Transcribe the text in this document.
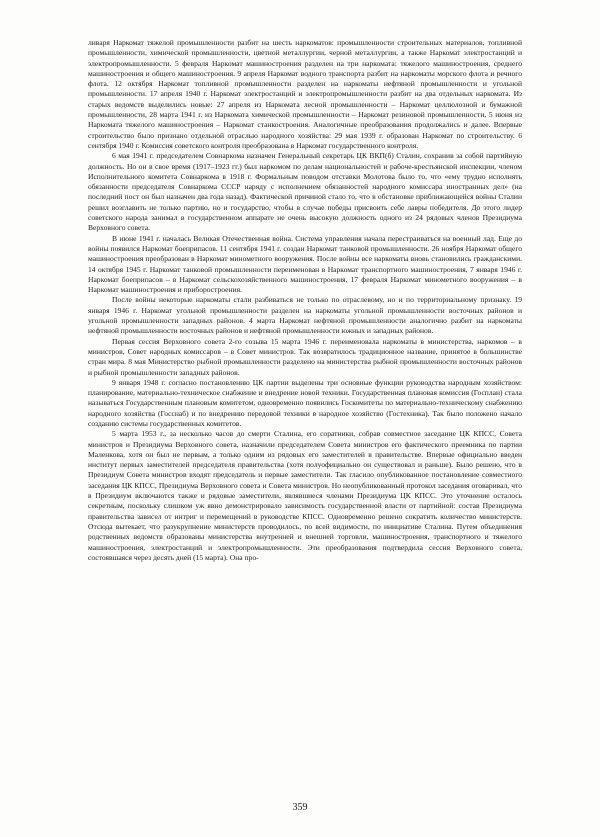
ливаря Наркомат тяжелой промышленности разбит на шесть наркоматов: промышленности строительных материалов, топливной промышленности, химической промышленности, цветной металлургии, черной металлургии, а также Наркомат электростанций и электропромышленности. 5 февраля Наркомат машиностроения разделен на три наркомата: тяжелого машиностроения, среднего машиностроения и общего машиностроения. 9 апреля Наркомат водного транспорта разбит на наркоматы морского флота и речного флота. 12 октября Наркомат топливной промышленности разделен на наркоматы нефтяной промышленности и угольной промышленности. 17 апреля 1940 г. Наркомат электростанций и электропромышленности разбит на два отдельных наркомата. Из старых ведомств выделились новые: 27 апреля из Наркомата лесной промышленности – Наркомат целлюлозной и бумажной промышленности, 28 марта 1941 г. из Наркомата химической промышленности – Наркомат резиновой промышленности, 5 июня из Наркомата тяжелого машиностроения – Наркомат станкостроения. Аналогичные преобразования продолжались и далее. Впервые строительство было признано отдельной отраслью народного хозяйства: 29 мая 1939 г. образован Наркомат по строительству. 6 сентября 1940 г. Комиссия советского контроля преобразована в Наркомат государственного контроля.

6 мая 1941 г. председателем Совнаркома назначен Генеральный секретарь ЦК ВКП(б) Сталин, сохранив за собой партийную должность. Но он в свое время (1917–1923 гг.) был наркомом по делам национальностей и рабоче-крестьянской инспекции, членом Исполнительного комитета Совнаркома в 1918 г. Формальным поводом отставки Молотова было то, что «ему трудно исполнять обязанности председателя Совнаркома СССР наряду с исполнением обязанностей народного комиссара иностранных дел» (на последний пост он был назначен два года назад). Фактической причиной стало то, что в обстановке приближающейся войны Сталин решил возглавить не только партию, но и государство, чтобы в случае победы присвоить себе лавры победителя. До этого лидер советского народа занимал в государственном аппарате не очень высокую должность одного из 24 рядовых членов Президиума Верховного совета.

В июне 1941 г. началась Великая Отечественная война. Система управления начала перестраиваться на военный лад. Еще до войны появился Наркомат боеприпасов. 11 сентября 1941 г. создан Наркомат танковой промышленности. 26 ноября Наркомат общего машиностроения преобразован в Наркомат минометного вооружения. После войны все наркоматы вновь становились гражданскими. 14 октября 1945 г. Наркомат танковой промышленности переименован в Наркомат транспортного машиностроения, 7 января 1946 г. Наркомат боеприпасов – в Наркомат сельскохозяйственного машиностроения, 17 февраля Наркомат минометного вооружения – в Наркомат машиностроения и приборостроения.

После войны некоторые наркоматы стали разбиваться не только по отраслевому, но и по территориальному признаку. 19 января 1946 г. Наркомат угольной промышленности разделен на наркоматы угольной промышленности восточных районов и угольной промышленности западных районов. 4 марта Наркомат нефтяной промышленности аналогично разбит на наркоматы нефтяной промышленности восточных районов и нефтяной промышленности южных и западных районов.

Первая сессия Верховного совета 2-го созыва 15 марта 1946 г. переименовала наркоматы в министерства, наркомов – в министров, Совет народных комиссаров – в Совет министров. Так возвратилось традиционное название, принятое в большинстве стран мира. 8 мая Министерство рыбной промышленности разделено на министерства рыбной промышленности восточных районов и рыбной промышленности западных районов.

9 января 1948 г. согласно постановлению ЦК партии выделены три основные функции руководства народным хозяйством: планирование, материально-техническое снабжение и внедрение новой техники. Государственная плановая комиссия (Госплан) стала называться Государственным плановым комитетом, одновременно появились Госкомитеты по материально-техническому снабжению народного хозяйства (Госснаб) и по внедрению передовой техники в народное хозяйство (Гостехника). Так было положено начало созданию системы государственных комитетов.

5 марта 1953 г., за несколько часов до смерти Сталина, его соратники, собрав совместное заседание ЦК КПСС, Совета министров и Президиума Верховного совета, назначили председателем Совета министров его фактического преемника по партии Маленкова, хотя он был не первым, а только одним из рядовых его заместителей в правительстве. Впервые официально введен институт первых заместителей председателя правительства (хотя полуофициально он существовал и раньше). Было решено, что в Президиум Совета министров входят председатель и первые заместители. Так гласило опубликованное постановление совместного заседания ЦК КПСС, Президиума Верховного совета и Совета министров. Но неопубликованный протокол заседания оговаривал, что в Президиум включаются также и рядовые заместители, являвшиеся членами Президиума ЦК КПСС. Это уточнение осталось секретным, поскольку слишком уж явно демонстрировало зависимость государственной власти от партийной: состав Президиума правительства зависел от интриг и перемещений в руководстве КПСС. Одновременно решено сократить количество министерств. Отсюда вытекает, что разукрупнение министерств проводилось, по всей видимости, по инициативе Сталина. Путем объединения родственных ведомств образованы министерства внутренней и внешней торговли, машиностроения, транспортного и тяжелого машиностроения, электростанций и электропромышленности. Эти преобразования подтвердила сессия Верховного совета, состоявшаяся через десять дней (15 марта). Она про-

359
